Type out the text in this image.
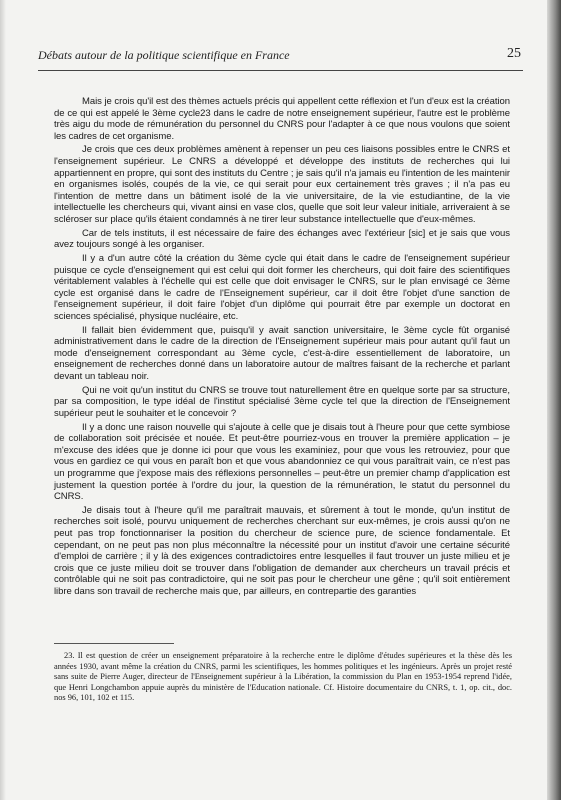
Débats autour de la politique scientifique en France	25

Mais je crois qu'il est des thèmes actuels précis qui appellent cette réflexion et l'un d'eux est la création de ce qui est appelé le 3ème cycle23 dans le cadre de notre enseignement supérieur, l'autre est le problème très aigu du mode de rémunération du personnel du CNRS pour l'adapter à ce que nous voulons que soient les cadres de cet organisme.

Je crois que ces deux problèmes amènent à repenser un peu ces liaisons possibles entre le CNRS et l'enseignement supérieur. Le CNRS a développé et développe des instituts de recherches qui lui appartiennent en propre, qui sont des instituts du Centre ; je sais qu'il n'a jamais eu l'intention de les maintenir en organismes isolés, coupés de la vie, ce qui serait pour eux certainement très graves ; il n'a pas eu l'intention de mettre dans un bâtiment isolé de la vie universitaire, de la vie estudiantine, de la vie intellectuelle les chercheurs qui, vivant ainsi en vase clos, quelle que soit leur valeur initiale, arriveraient à se scléroser sur place qu'ils étaient condamnés à ne tirer leur substance intellectuelle que d'eux-mêmes.

Car de tels instituts, il est nécessaire de faire des échanges avec l'extérieur [sic] et je sais que vous avez toujours songé à les organiser.

Il y a d'un autre côté la création du 3ème cycle qui était dans le cadre de l'enseignement supérieur puisque ce cycle d'enseignement qui est celui qui doit former les chercheurs, qui doit faire des scientifiques véritablement valables à l'échelle qui est celle que doit envisager le CNRS, sur le plan envisagé ce 3ème cycle est organisé dans le cadre de l'Enseignement supérieur, car il doit être l'objet d'une sanction de l'enseignement supérieur, il doit faire l'objet d'un diplôme qui pourrait être par exemple un doctorat en sciences spécialisé, physique nucléaire, etc.

Il fallait bien évidemment que, puisqu'il y avait sanction universitaire, le 3ème cycle fût organisé administrativement dans le cadre de la direction de l'Enseignement supérieur mais pour autant qu'il faut un mode d'enseignement correspondant au 3ème cycle, c'est-à-dire essentiellement de laboratoire, un enseignement de recherches donné dans un laboratoire autour de maîtres faisant de la recherche et parlant devant un tableau noir.

Qui ne voit qu'un institut du CNRS se trouve tout naturellement être en quelque sorte par sa structure, par sa composition, le type idéal de l'institut spécialisé 3ème cycle tel que la direction de l'Enseignement supérieur peut le souhaiter et le concevoir ?

Il y a donc une raison nouvelle qui s'ajoute à celle que je disais tout à l'heure pour que cette symbiose de collaboration soit précisée et nouée. Et peut-être pourriez-vous en trouver la première application – je m'excuse des idées que je donne ici pour que vous les examiniez, pour que vous les retrouviez, pour que vous en gardiez ce qui vous en paraît bon et que vous abandonniez ce qui vous paraîtrait vain, ce n'est pas un programme que j'expose mais des réflexions personnelles – peut-être un premier champ d'application est justement la question portée à l'ordre du jour, la question de la rémunération, le statut du personnel du CNRS.

Je disais tout à l'heure qu'il me paraîtrait mauvais, et sûrement à tout le monde, qu'un institut de recherches soit isolé, pourvu uniquement de recherches cherchant sur eux-mêmes, je crois aussi qu'on ne peut pas trop fonctionnariser la position du chercheur de science pure, de science fondamentale. Et cependant, on ne peut pas non plus méconnaître la nécessité pour un institut d'avoir une certaine sécurité d'emploi de carrière ; il y là des exigences contradictoires entre lesquelles il faut trouver un juste milieu et je crois que ce juste milieu doit se trouver dans l'obligation de demander aux chercheurs un travail précis et contrôlable qui ne soit pas contradictoire, qui ne soit pas pour le chercheur une gêne ; qu'il soit entièrement libre dans son travail de recherche mais que, par ailleurs, en contrepartie des garanties

23. Il est question de créer un enseignement préparatoire à la recherche entre le diplôme d'études supérieures et la thèse dès les années 1930, avant même la création du CNRS, parmi les scientifiques, les hommes politiques et les ingénieurs. Après un projet resté sans suite de Pierre Auger, directeur de l'Enseignement supérieur à la Libération, la commission du Plan en 1953-1954 reprend l'idée, que Henri Longchambon appuie auprès du ministère de l'Education nationale. Cf. Histoire documentaire du CNRS, t. 1, op. cit., doc. nos 96, 101, 102 et 115.
